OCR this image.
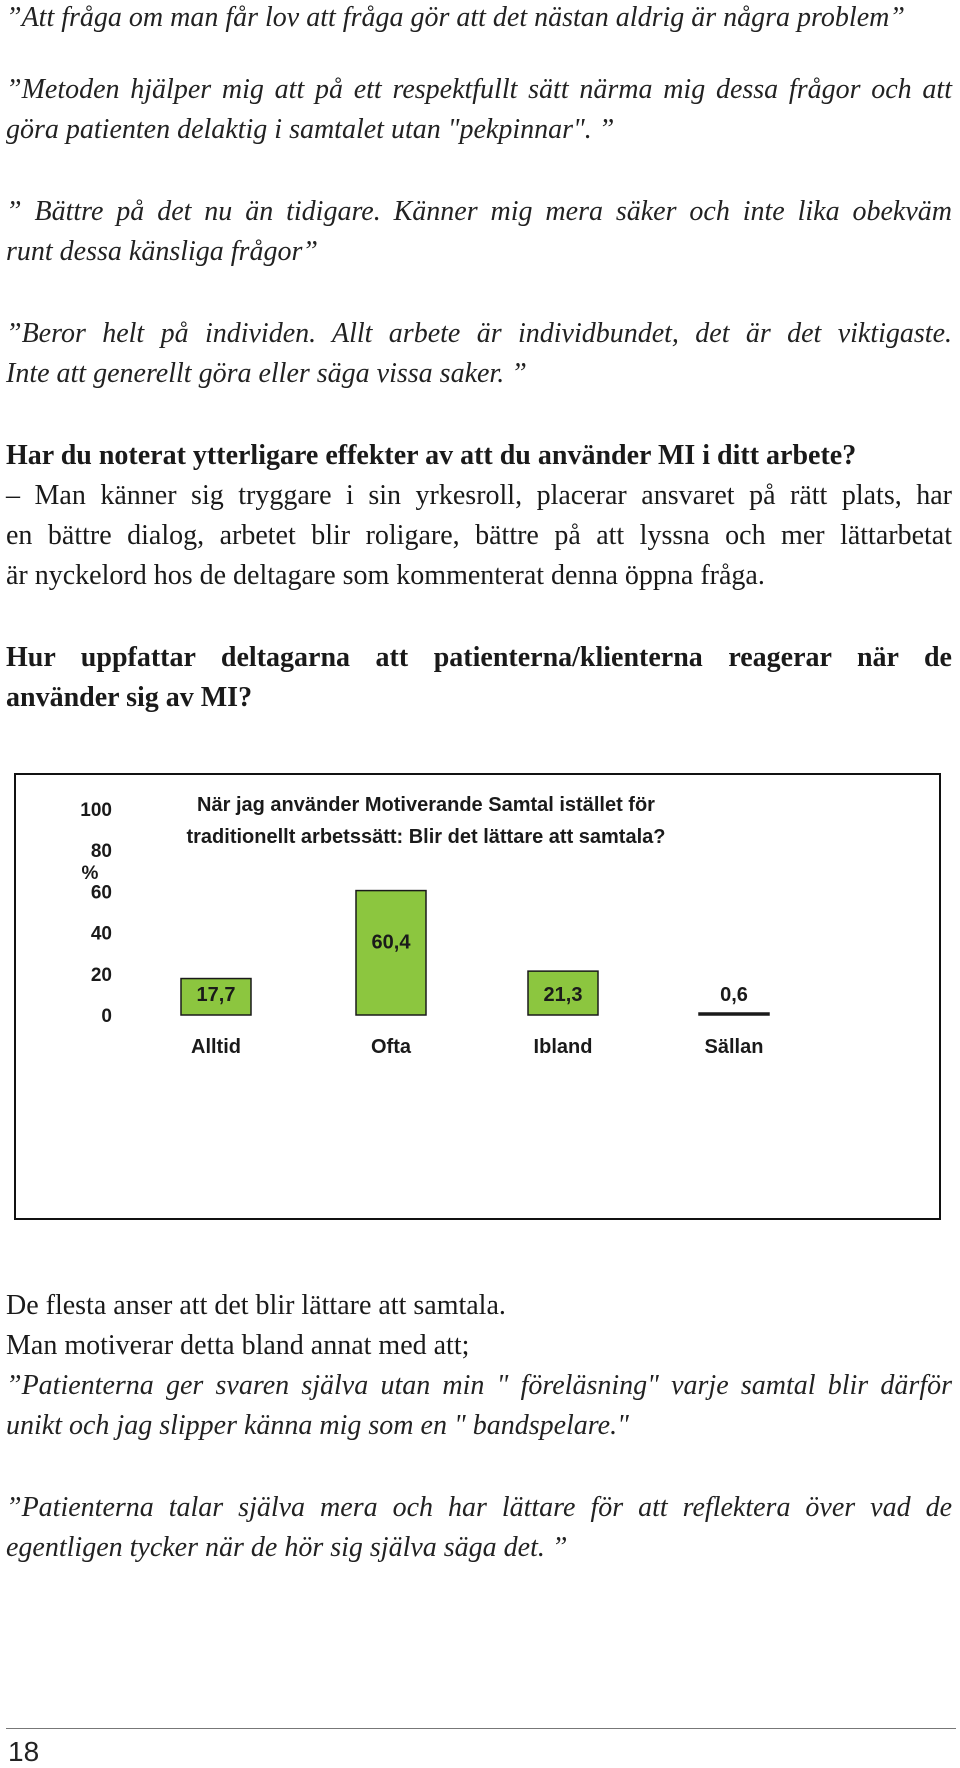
”Att fråga om man får lov att fråga gör att det nästan aldrig är några problem”
”Metoden hjälper mig att på ett respektfullt sätt närma mig dessa frågor och att
göra patienten delaktig i samtalet utan "pekpinnar". ”
” Bättre på det nu än tidigare. Känner mig mera säker och inte lika obekväm
runt dessa känsliga frågor”
”Beror helt på individen. Allt arbete är individbundet, det är det viktigaste.
Inte att generellt göra eller säga vissa saker. ”
Har du noterat ytterligare effekter av att du använder MI i ditt arbete?
– Man känner sig tryggare i sin yrkesroll, placerar ansvaret på rätt plats, har
en bättre dialog, arbetet blir roligare, bättre på att lyssna och mer lättarbetat
är nyckelord hos de deltagare som kommenterat denna öppna fråga.
Hur uppfattar deltagarna att patienterna/klienterna reagerar när de
använder sig av MI?
När jag använder Motiverande Samtal istället för
traditionellt arbetssätt: Blir det lättare att samtala?
%
100
80
60
40
20
0
17,7
Alltid
60,4
Ofta
21,3
Ibland
0,6
Sällan
De flesta anser att det blir lättare att samtala.
Man motiverar detta bland annat med att;
”Patienterna ger svaren själva utan min " föreläsning" varje samtal blir därför
unikt och jag slipper känna mig som en " bandspelare."
”Patienterna talar själva mera och har lättare för att reflektera över vad de
egentligen tycker när de hör sig själva säga det. ”
18
